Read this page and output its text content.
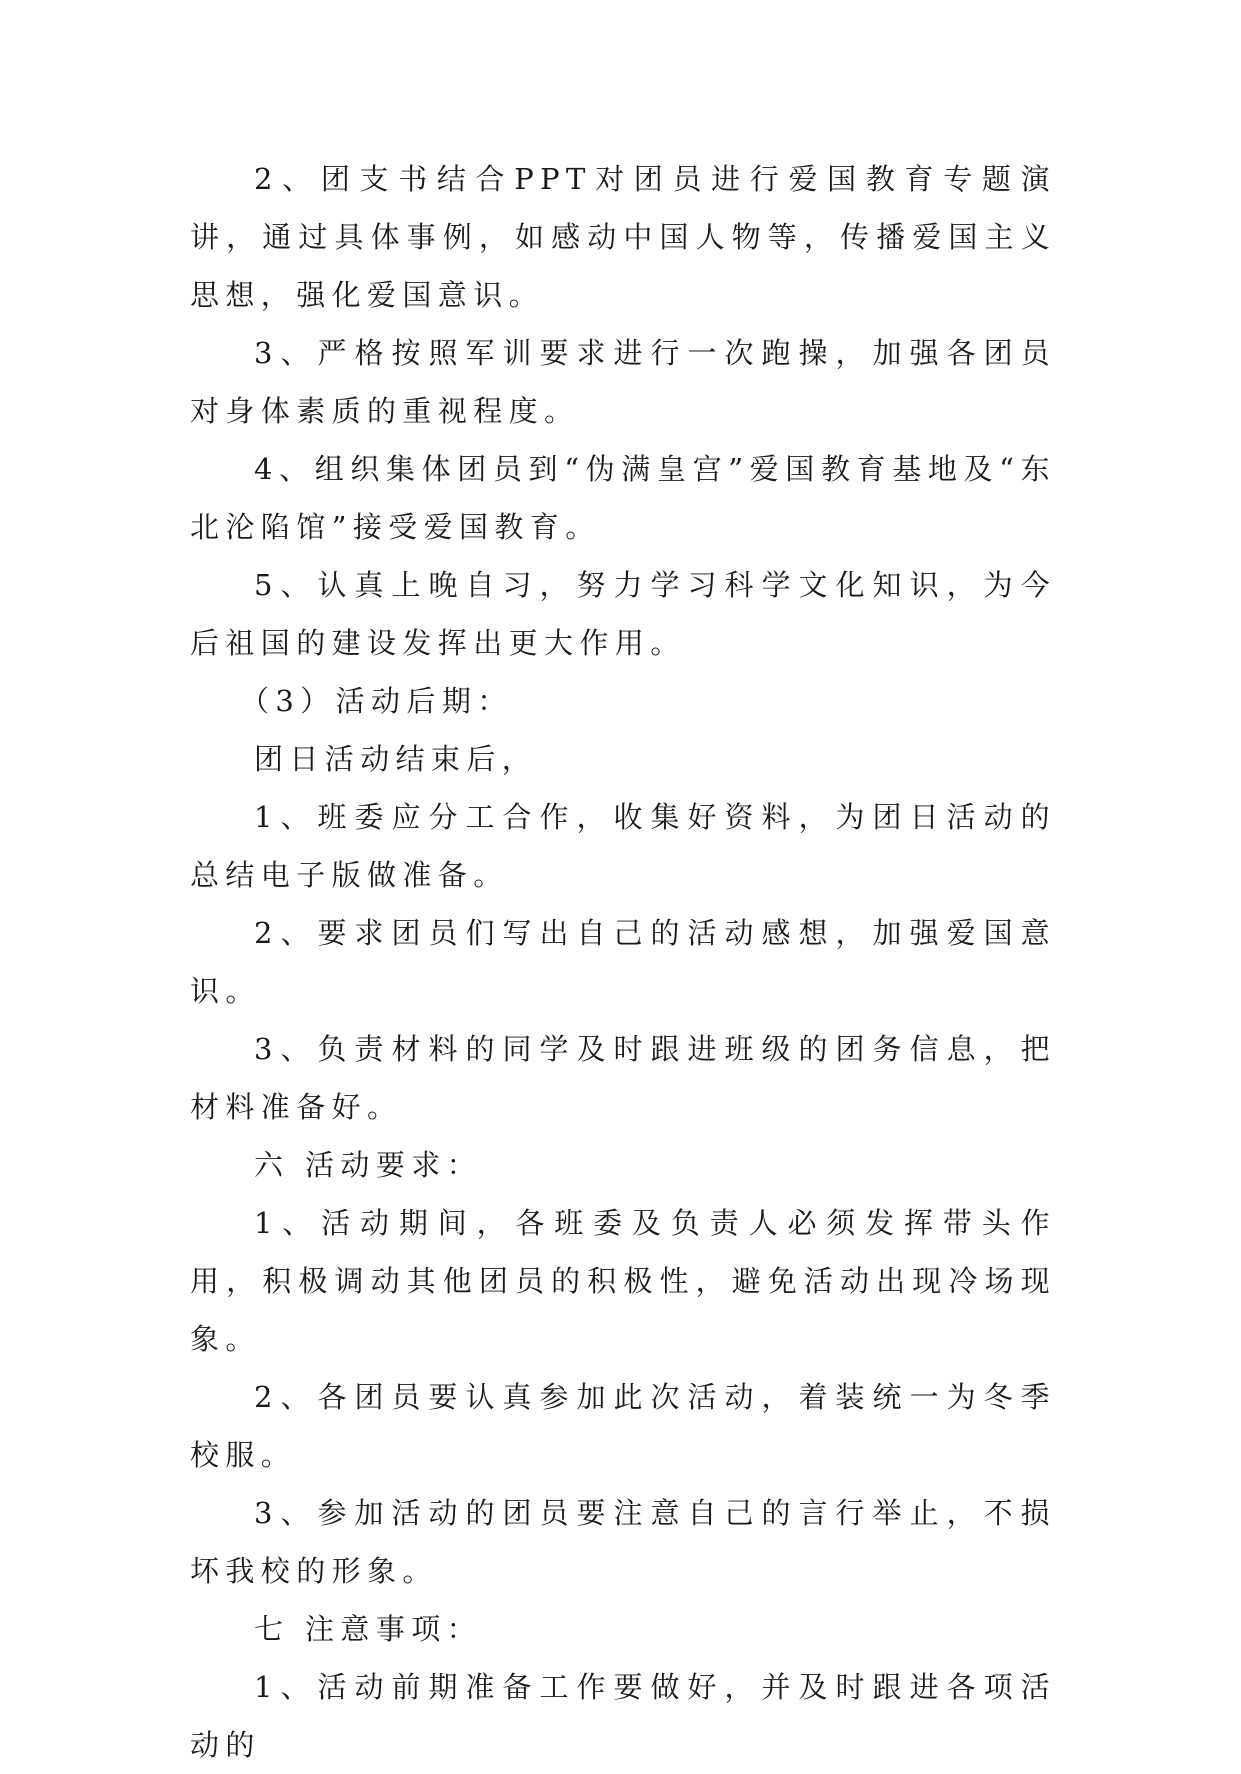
2、团支书结合PPT对团员进行爱国教育专题演讲，通过具体事例，如感动中国人物等，传播爱国主义思想，强化爱国意识。

3、严格按照军训要求进行一次跑操，加强各团员对身体素质的重视程度。

4、组织集体团员到“伪满皇宫”爱国教育基地及“东北沦陷馆”接受爱国教育。

5、认真上晚自习，努力学习科学文化知识，为今后祖国的建设发挥出更大作用。

（3）活动后期：

团日活动结束后，

1、班委应分工合作，收集好资料，为团日活动的总结电子版做准备。

2、要求团员们写出自己的活动感想，加强爱国意识。

3、负责材料的同学及时跟进班级的团务信息，把材料准备好。

六 活动要求：

1、活动期间，各班委及负责人必须发挥带头作用，积极调动其他团员的积极性，避免活动出现冷场现象。

2、各团员要认真参加此次活动，着装统一为冬季校服。

3、参加活动的团员要注意自己的言行举止，不损坏我校的形象。

七 注意事项：

1、活动前期准备工作要做好，并及时跟进各项活动的
